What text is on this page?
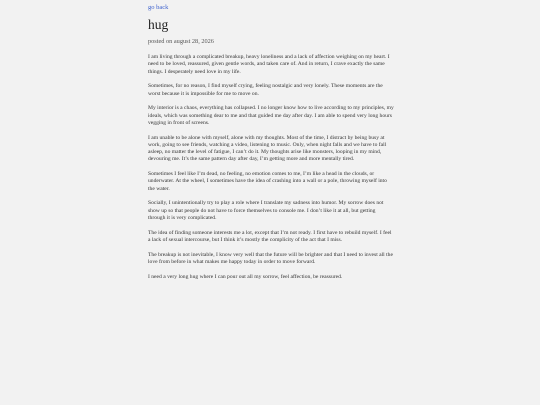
go back
hug
posted on august 28, 2026

I am living through a complicated breakup, heavy loneliness and a lack of affection weighing on my heart. I need to be loved, reassured, given gentle words, and taken care of. And in return, I crave exactly the same things. I desperately need love in my life.

Sometimes, for no reason, I find myself crying, feeling nostalgic and very lonely. These moments are the worst because it is impossible for me to move on.

My interior is a chaos, everything has collapsed. I no longer know how to live according to my principles, my ideals, which was something dear to me and that guided me day after day. I am able to spend very long hours vegging in front of screens.

I am unable to be alone with myself, alone with my thoughts. Most of the time, I distract by being busy at work, going to see friends, watching a video, listening to music. Only, when night falls and we have to fall asleep, no matter the level of fatigue, I can’t do it. My thoughts arise like monsters, looping in my mind, devouring me. It’s the same pattern day after day, I’m getting more and more mentally tired.

Sometimes I feel like I’m dead, no feeling, no emotion comes to me, I’m like a head in the clouds, or underwater. At the wheel, I sometimes have the idea of crashing into a wall or a pole, throwing myself into the water.

Socially, I unintentionally try to play a role where I translate my sadness into humor. My sorrow does not show up so that people do not have to force themselves to console me. I don’t like it at all, but getting through it is very complicated.

The idea of finding someone interests me a lot, except that I’m not ready. I first have to rebuild myself. I feel a lack of sexual intercourse, but I think it’s mostly the complicity of the act that I miss.

The breakup is not inevitable, I know very well that the future will be brighter and that I need to invest all the love from before in what makes me happy today in order to move forward.

I need a very long hug where I can pour out all my sorrow, feel affection, be reassured.
